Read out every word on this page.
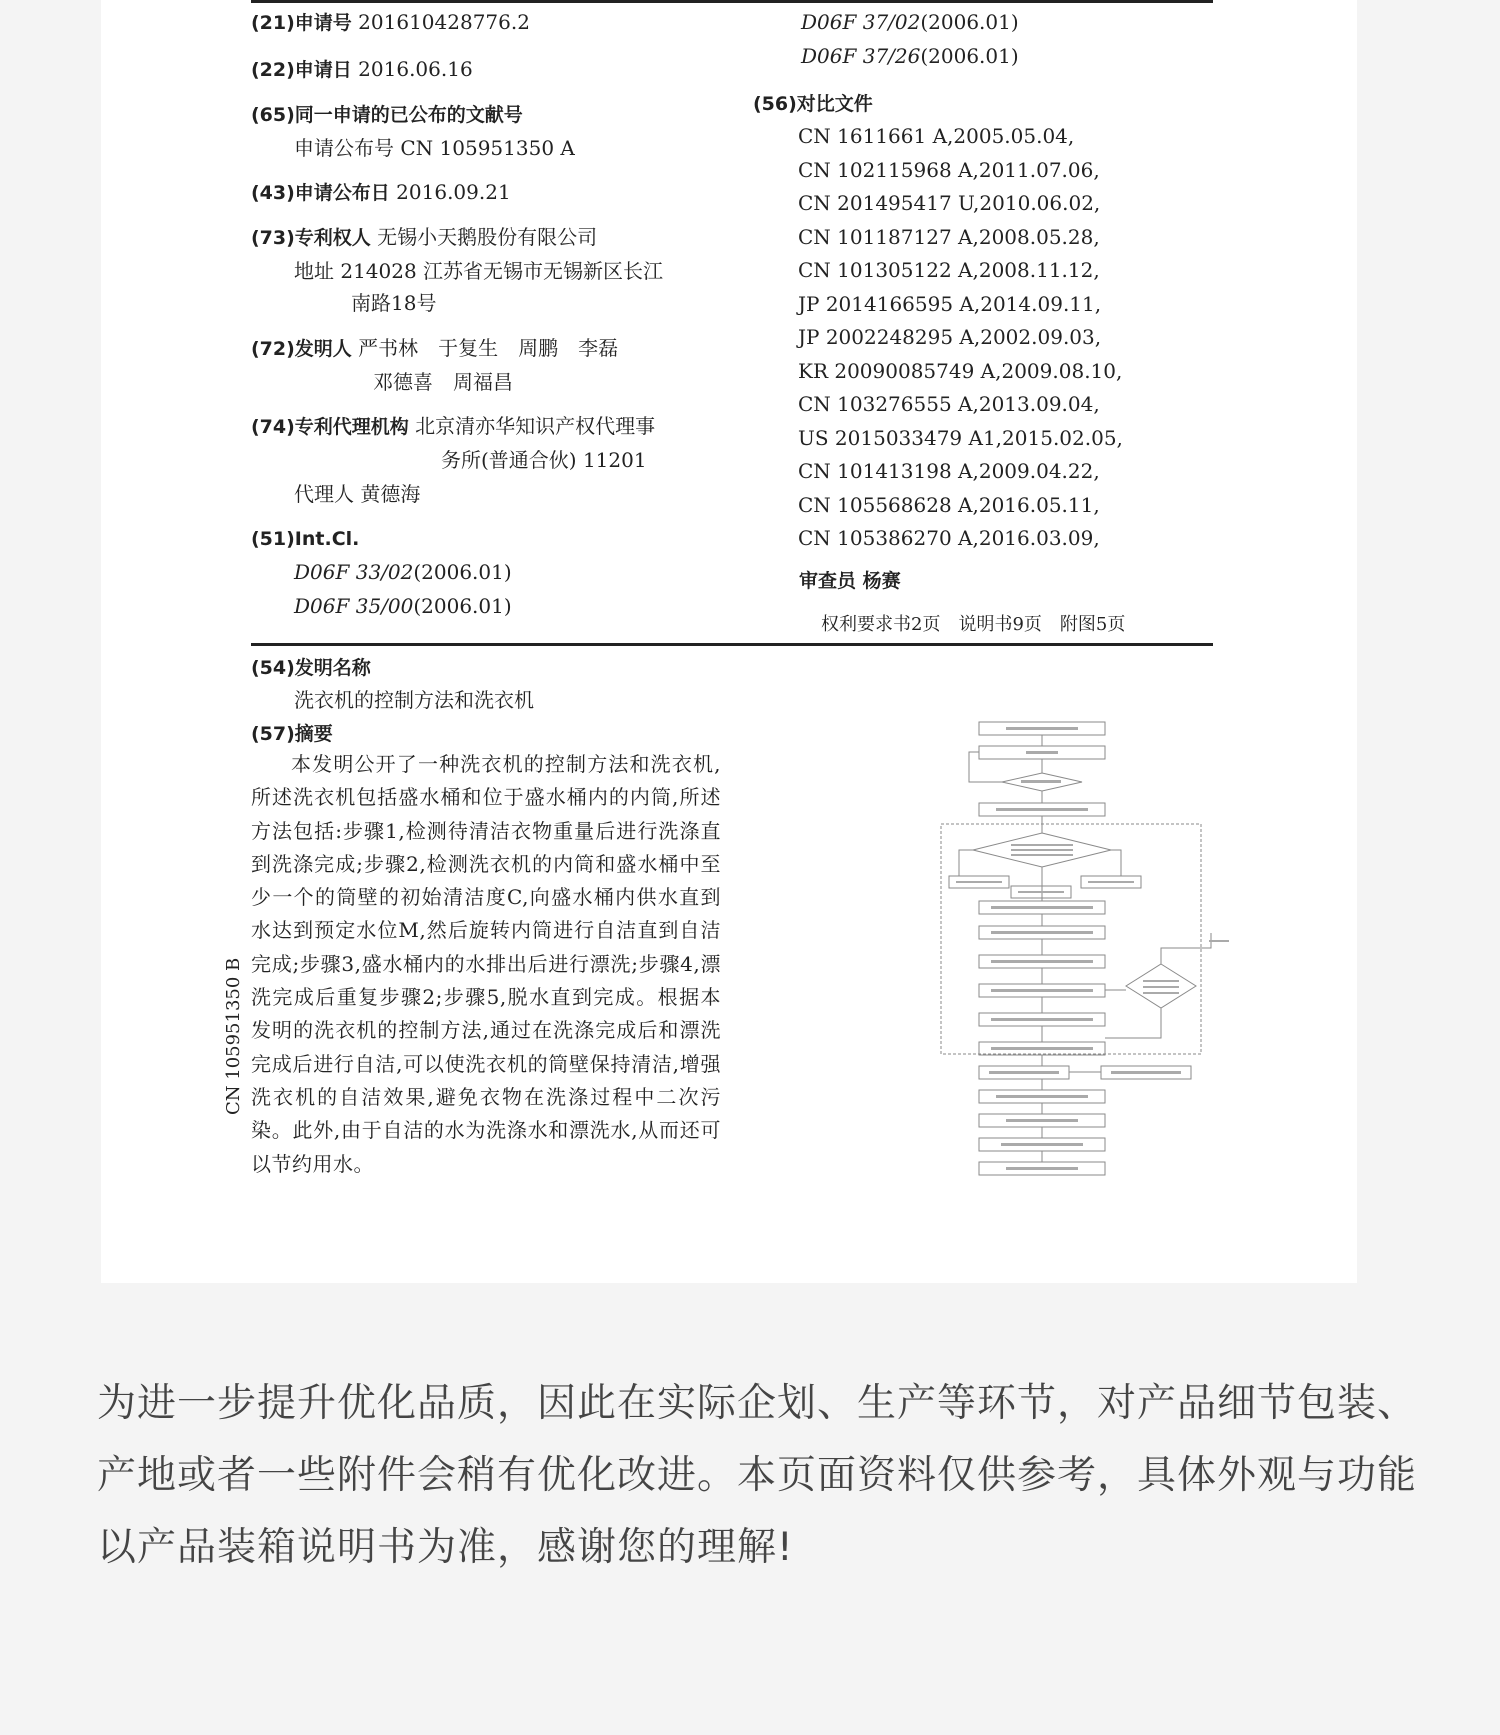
(21)申请号 201610428776.2
(22)申请日 2016.06.16
(65)同一申请的已公布的文献号
申请公布号 CN 105951350 A
(43)申请公布日 2016.09.21
(73)专利权人 无锡小天鹅股份有限公司
地址 214028 江苏省无锡市无锡新区长江
南路18号
(72)发明人 严书林　于复生　周鹏　李磊
邓德喜　周福昌
(74)专利代理机构 北京清亦华知识产权代理事
务所(普通合伙) 11201
代理人 黄德海
(51)Int.Cl.
D06F 33/02(2006.01)
D06F 35/00(2006.01)
D06F 37/02(2006.01)
D06F 37/26(2006.01)
(56)对比文件
CN 1611661 A,2005.05.04,
CN 102115968 A,2011.07.06,
CN 201495417 U,2010.06.02,
CN 101187127 A,2008.05.28,
CN 101305122 A,2008.11.12,
JP 2014166595 A,2014.09.11,
JP 2002248295 A,2002.09.03,
KR 20090085749 A,2009.08.10,
CN 103276555 A,2013.09.04,
US 2015033479 A1,2015.02.05,
CN 101413198 A,2009.04.22,
CN 105568628 A,2016.05.11,
CN 105386270 A,2016.03.09,
审查员 杨赛
权利要求书2页　说明书9页　附图5页
(54)发明名称
洗衣机的控制方法和洗衣机
(57)摘要

本发明公开了一种洗衣机的控制方法和洗衣机,所述洗衣机包括盛水桶和位于盛水桶内的内筒,所述方法包括:步骤1,检测待清洁衣物重量后进行洗涤直到洗涤完成;步骤2,检测洗衣机的内筒和盛水桶中至少一个的筒壁的初始清洁度C,向盛水桶内供水直到水达到预定水位M,然后旋转内筒进行自洁直到自洁完成;步骤3,盛水桶内的水排出后进行漂洗;步骤4,漂洗完成后重复步骤2;步骤5,脱水直到完成。根据本发明的洗衣机的控制方法,通过在洗涤完成后和漂洗完成后进行自洁,可以使洗衣机的筒壁保持清洁,增强洗衣机的自洁效果,避免衣物在洗涤过程中二次污染。此外,由于自洁的水为洗涤水和漂洗水,从而还可以节约用水。

CN 105951350 B
为进一步提升优化品质，因此在实际企划、生产等环节，对产品细节包装、产地或者一些附件会稍有优化改进。本页面资料仅供参考，具体外观与功能以产品装箱说明书为准，感谢您的理解!
